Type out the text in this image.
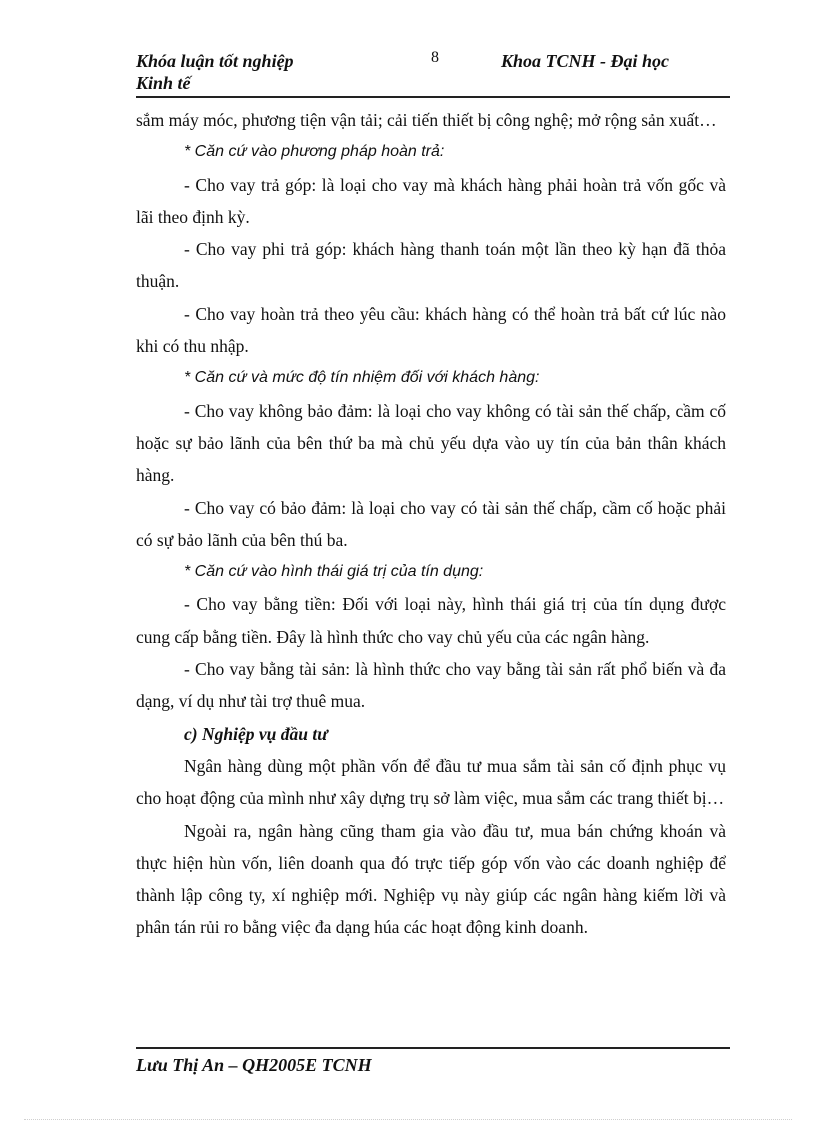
Khóa luận tốt nghiệp
Kinh tế
8	Khoa TCNH - Đại học

sắm máy móc, phương tiện vận tải; cải tiến thiết bị công nghệ; mở rộng sản xuất…

* Căn cứ vào phương pháp hoàn trả:

- Cho vay trả góp: là loại cho vay mà khách hàng phải hoàn trả vốn gốc và lãi theo định kỳ.

- Cho vay phi trả góp: khách hàng thanh toán một lần theo kỳ hạn đã thỏa thuận.

- Cho vay hoàn trả theo yêu cầu: khách hàng có thể hoàn trả bất cứ lúc nào khi có thu nhập.

* Căn cứ và mức độ tín nhiệm đối với khách hàng:

- Cho vay không bảo đảm: là loại cho vay không có tài sản thế chấp, cầm cố hoặc sự bảo lãnh của bên thứ ba mà chủ yếu dựa vào uy tín của bản thân khách hàng.

- Cho vay có bảo đảm: là loại cho vay có tài sản thế chấp, cầm cố hoặc phải có sự bảo lãnh của bên thú ba.

* Căn cứ vào hình thái giá trị của tín dụng:

- Cho vay bằng tiền: Đối với loại này, hình thái giá trị của tín dụng được cung cấp bằng tiền. Đây là hình thức cho vay chủ yếu của các ngân hàng.

- Cho vay bằng tài sản: là hình thức cho vay bằng tài sản rất phổ biến và đa dạng, ví dụ như tài trợ thuê mua.

c) Nghiệp vụ đầu tư

Ngân hàng dùng một phần vốn để đầu tư mua sắm tài sản cố định phục vụ cho hoạt động của mình như xây dựng trụ sở làm việc, mua sắm các trang thiết bị…

Ngoài ra, ngân hàng cũng tham gia vào đầu tư, mua bán chứng khoán và thực hiện hùn vốn, liên doanh qua đó trực tiếp góp vốn vào các doanh nghiệp để thành lập công ty, xí nghiệp mới. Nghiệp vụ này giúp các ngân hàng kiếm lời và phân tán rủi ro bằng việc đa dạng húa các hoạt động kinh doanh.

Lưu Thị An – QH2005E TCNH
